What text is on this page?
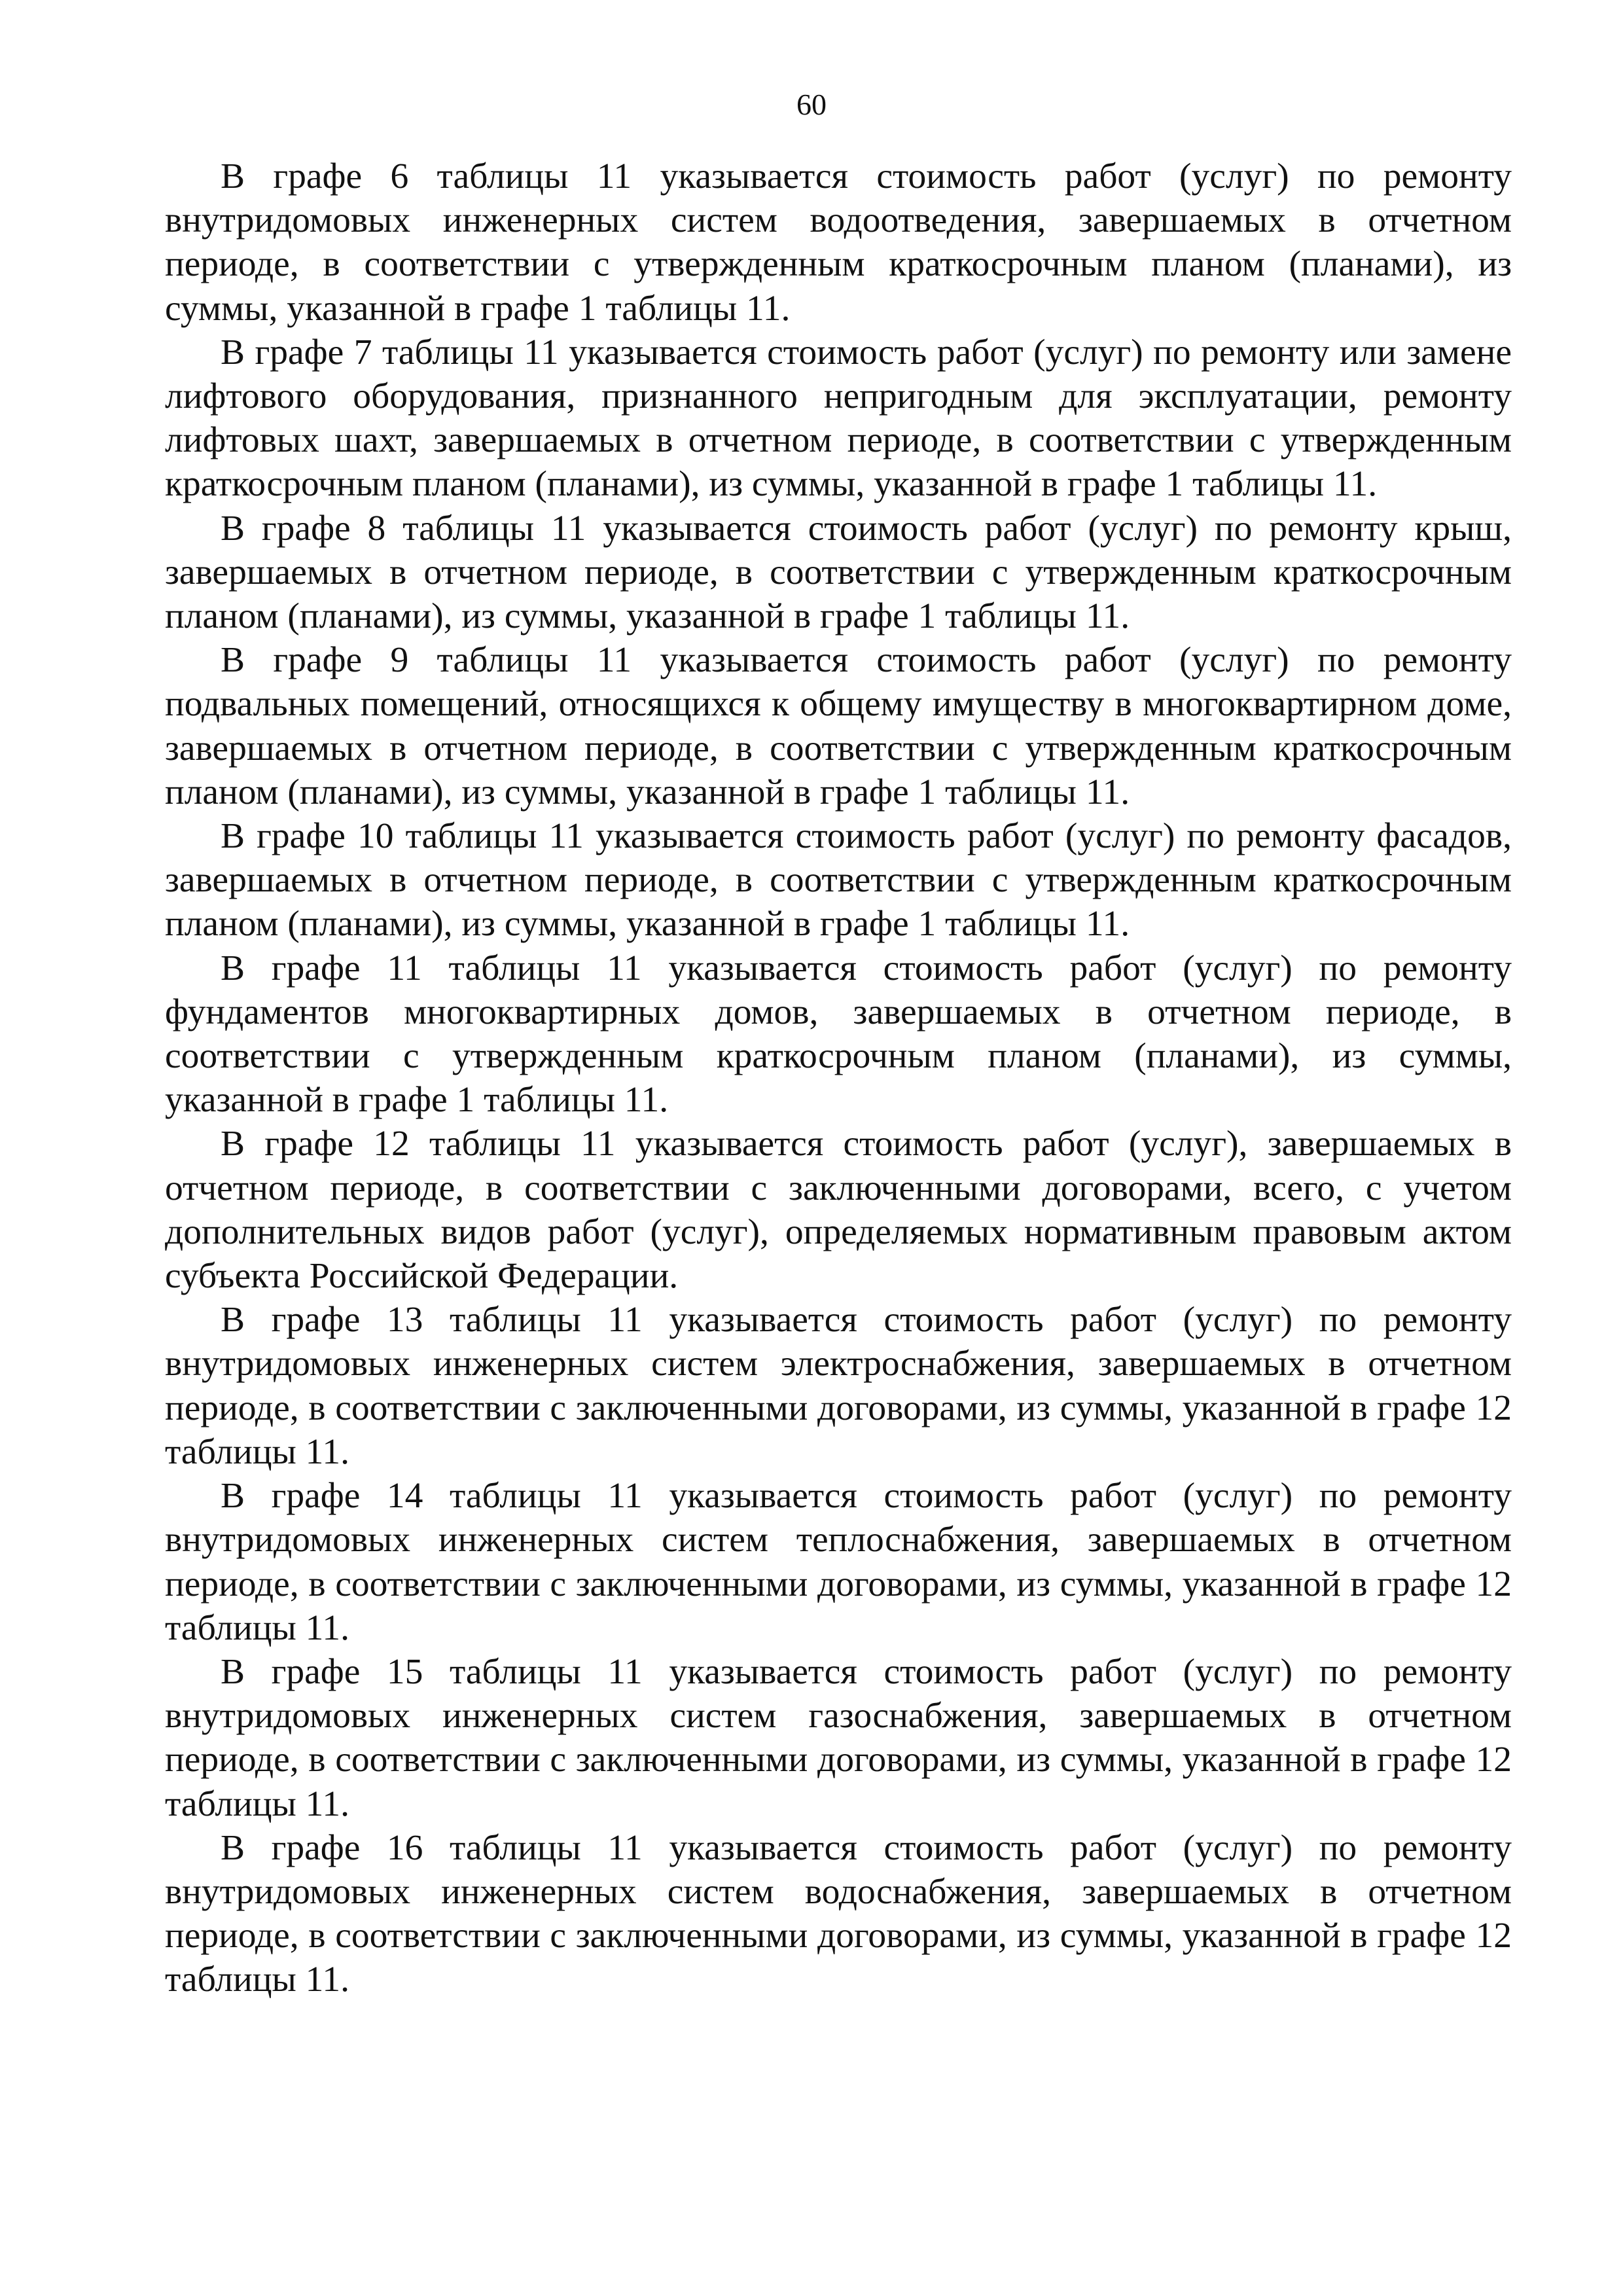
60

В графе 6 таблицы 11 указывается стоимость работ (услуг) по ремонту внутридомовых инженерных систем водоотведения, завершаемых в отчетном периоде, в соответствии с утвержденным краткосрочным планом (планами), из суммы, указанной в графе 1 таблицы 11.

В графе 7 таблицы 11 указывается стоимость работ (услуг) по ремонту или замене лифтового оборудования, признанного непригодным для эксплуатации, ремонту лифтовых шахт, завершаемых в отчетном периоде, в соответствии с утвержденным краткосрочным планом (планами), из суммы, указанной в графе 1 таблицы 11.

В графе 8 таблицы 11 указывается стоимость работ (услуг) по ремонту крыш, завершаемых в отчетном периоде, в соответствии с утвержденным краткосрочным планом (планами), из суммы, указанной в графе 1 таблицы 11.

В графе 9 таблицы 11 указывается стоимость работ (услуг) по ремонту подвальных помещений, относящихся к общему имуществу в многоквартирном доме, завершаемых в отчетном периоде, в соответствии с утвержденным краткосрочным планом (планами), из суммы, указанной в графе 1 таблицы 11.

В графе 10 таблицы 11 указывается стоимость работ (услуг) по ремонту фасадов, завершаемых в отчетном периоде, в соответствии с утвержденным краткосрочным планом (планами), из суммы, указанной в графе 1 таблицы 11.

В графе 11 таблицы 11 указывается стоимость работ (услуг) по ремонту фундаментов многоквартирных домов, завершаемых в отчетном периоде, в соответствии с утвержденным краткосрочным планом (планами), из суммы, указанной в графе 1 таблицы 11.

В графе 12 таблицы 11 указывается стоимость работ (услуг), завершаемых в отчетном периоде, в соответствии с заключенными договорами, всего, с учетом дополнительных видов работ (услуг), определяемых нормативным правовым актом субъекта Российской Федерации.

В графе 13 таблицы 11 указывается стоимость работ (услуг) по ремонту внутридомовых инженерных систем электроснабжения, завершаемых в отчетном периоде, в соответствии с заключенными договорами, из суммы, указанной в графе 12 таблицы 11.

В графе 14 таблицы 11 указывается стоимость работ (услуг) по ремонту внутридомовых инженерных систем теплоснабжения, завершаемых в отчетном периоде, в соответствии с заключенными договорами, из суммы, указанной в графе 12 таблицы 11.

В графе 15 таблицы 11 указывается стоимость работ (услуг) по ремонту внутридомовых инженерных систем газоснабжения, завершаемых в отчетном периоде, в соответствии с заключенными договорами, из суммы, указанной в графе 12 таблицы 11.

В графе 16 таблицы 11 указывается стоимость работ (услуг) по ремонту внутридомовых инженерных систем водоснабжения, завершаемых в отчетном периоде, в соответствии с заключенными договорами, из суммы, указанной в графе 12 таблицы 11.
